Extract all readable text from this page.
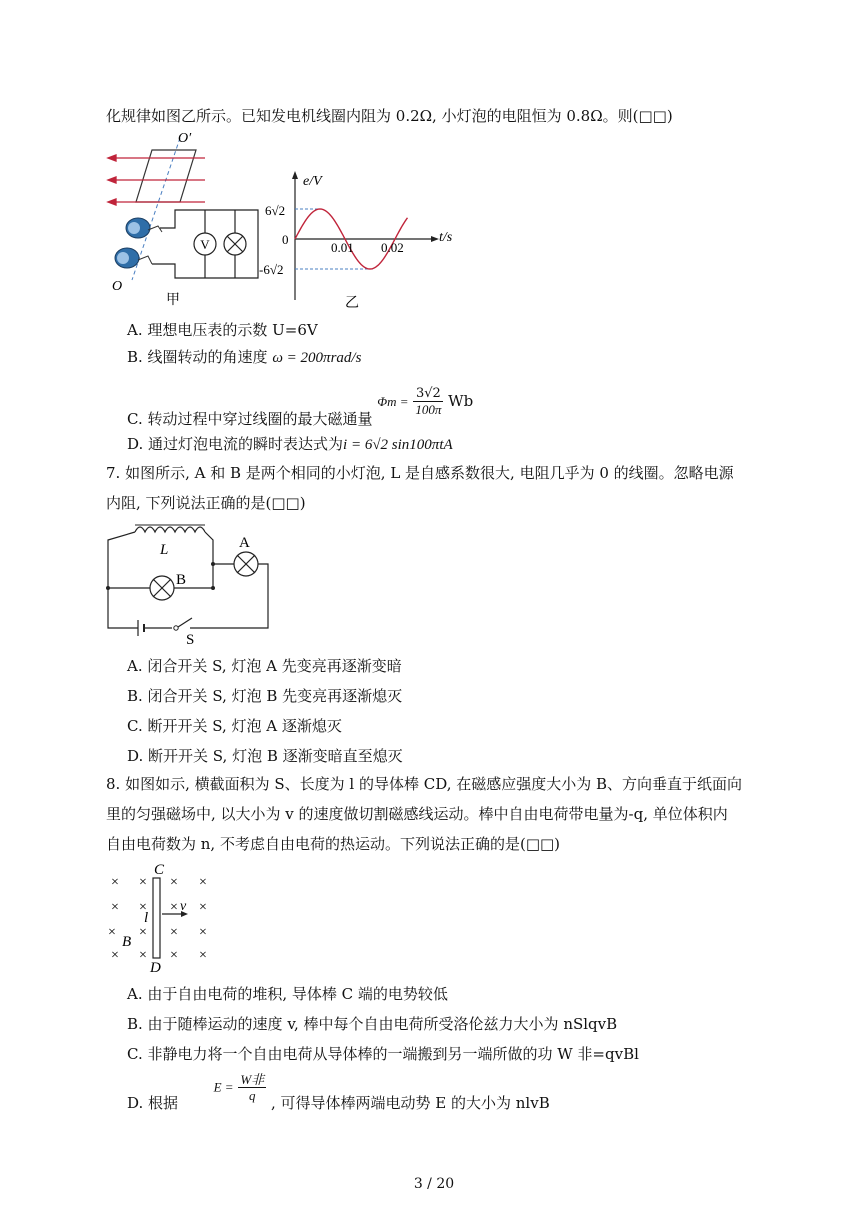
化规律如图乙所示。已知发电机线圈内阻为 0.2Ω, 小灯泡的电阻恒为 0.8Ω。则(□□)
V
O′
O
甲
6√2
0
-6√2
0.01 0.02
e/V
t/s
乙
A. 理想电压表的示数 U=6V
B. 线圈转动的角速度 ω = 200πrad/s
C. 转动过程中穿过线圈的最大磁通量 $\Phi m = \frac{3√2}{100\pi}$ Wb
D. 通过灯泡电流的瞬时表达式为i = 6√2 sin100πtA
7. 如图所示, A 和 B 是两个相同的小灯泡, L 是自感系数很大, 电阻几乎为 0 的线圈。忽略电源
内阻, 下列说法正确的是(□□)
L	A
B
S
A. 闭合开关 S, 灯泡 A 先变亮再逐渐变暗
B. 闭合开关 S, 灯泡 B 先变亮再逐渐熄灭
C. 断开开关 S, 灯泡 A 逐渐熄灭
D. 断开开关 S, 灯泡 B 逐渐变暗直至熄灭
8. 如图如示, 横截面积为 S、长度为 l 的导体棒 CD, 在磁感应强度大小为 B、方向垂直于纸面向
里的匀强磁场中, 以大小为 v 的速度做切割磁感线运动。棒中自由电荷带电量为-q, 单位体积内
自由电荷数为 n, 不考虑自由电荷的热运动。下列说法正确的是(□□)
× × × ×
× × × ×
× × ×
× × × ×
×
C
D
l
v
B
A. 由于自由电荷的堆积, 导体棒 C 端的电势较低
B. 由于随棒运动的速度 v, 棒中每个自由电荷所受洛伦兹力大小为 nSlqvB
C. 非静电力将一个自由电荷从导体棒的一端搬到另一端所做的功 W 非=qvBl
D. 根据  $E = \frac{\text{W非}}{q}$ , 可得导体棒两端电动势 E 的大小为 nlvB
3 / 20
